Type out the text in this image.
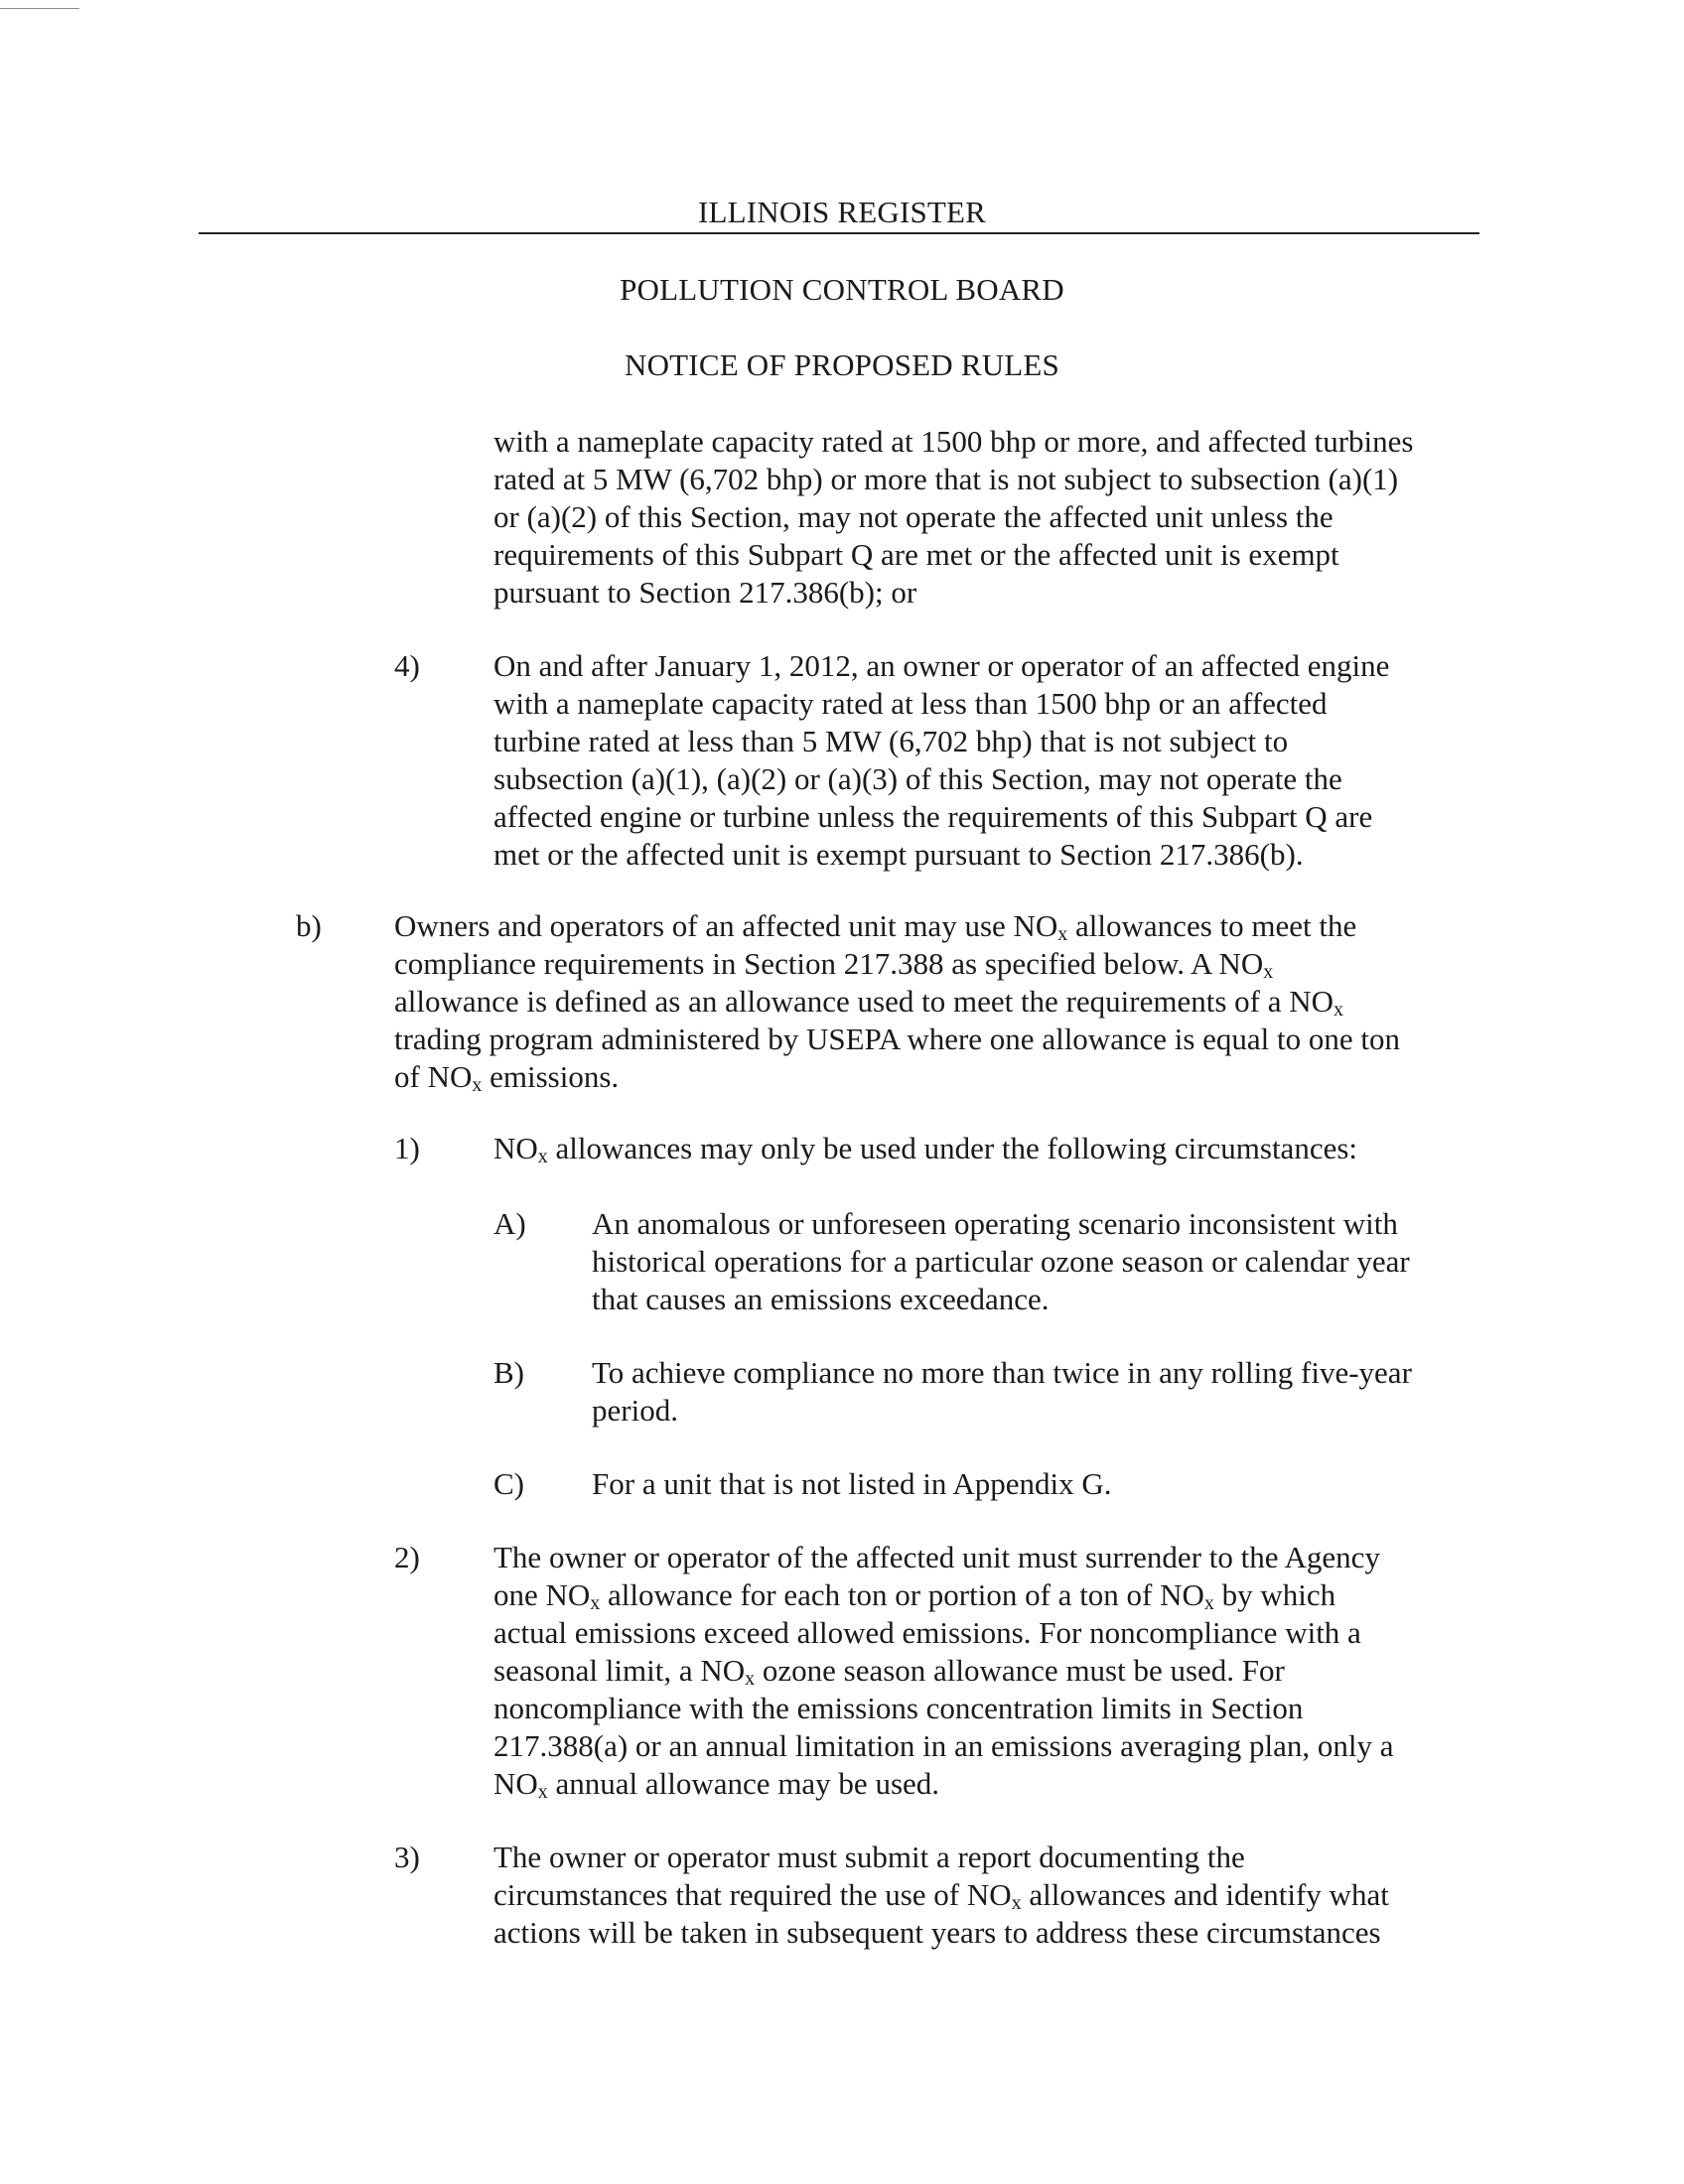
ILLINOIS REGISTER
POLLUTION CONTROL BOARD
NOTICE OF PROPOSED RULES
with a nameplate capacity rated at 1500 bhp or more, and affected turbines
rated at 5 MW (6,702 bhp) or more that is not subject to subsection (a)(1)
or (a)(2) of this Section, may not operate the affected unit unless the
requirements of this Subpart Q are met or the affected unit is exempt
pursuant to Section 217.386(b); or
4) On and after January 1, 2012, an owner or operator of an affected engine
with a nameplate capacity rated at less than 1500 bhp or an affected
turbine rated at less than 5 MW (6,702 bhp) that is not subject to
subsection (a)(1), (a)(2) or (a)(3) of this Section, may not operate the
affected engine or turbine unless the requirements of this Subpart Q are
met or the affected unit is exempt pursuant to Section 217.386(b).
b) Owners and operators of an affected unit may use $NO_x$ allowances to meet the
compliance requirements in Section 217.388 as specified below. A $NO_x$
allowance is defined as an allowance used to meet the requirements of a $NO_x$
trading program administered by USEPA where one allowance is equal to one ton
of $NO_x$ emissions.
1) $NO_x$ allowances may only be used under the following circumstances:
A) An anomalous or unforeseen operating scenario inconsistent with
historical operations for a particular ozone season or calendar year
that causes an emissions exceedance.
B) To achieve compliance no more than twice in any rolling five-year
period.
C) For a unit that is not listed in Appendix G.
2) The owner or operator of the affected unit must surrender to the Agency
one $NO_x$ allowance for each ton or portion of a ton of $NO_x$ by which
actual emissions exceed allowed emissions. For noncompliance with a
seasonal limit, a $NO_x$ ozone season allowance must be used. For
noncompliance with the emissions concentration limits in Section
217.388(a) or an annual limitation in an emissions averaging plan, only a
$NO_x$ annual allowance may be used.
3) The owner or operator must submit a report documenting the
circumstances that required the use of $NO_x$ allowances and identify what
actions will be taken in subsequent years to address these circumstances
